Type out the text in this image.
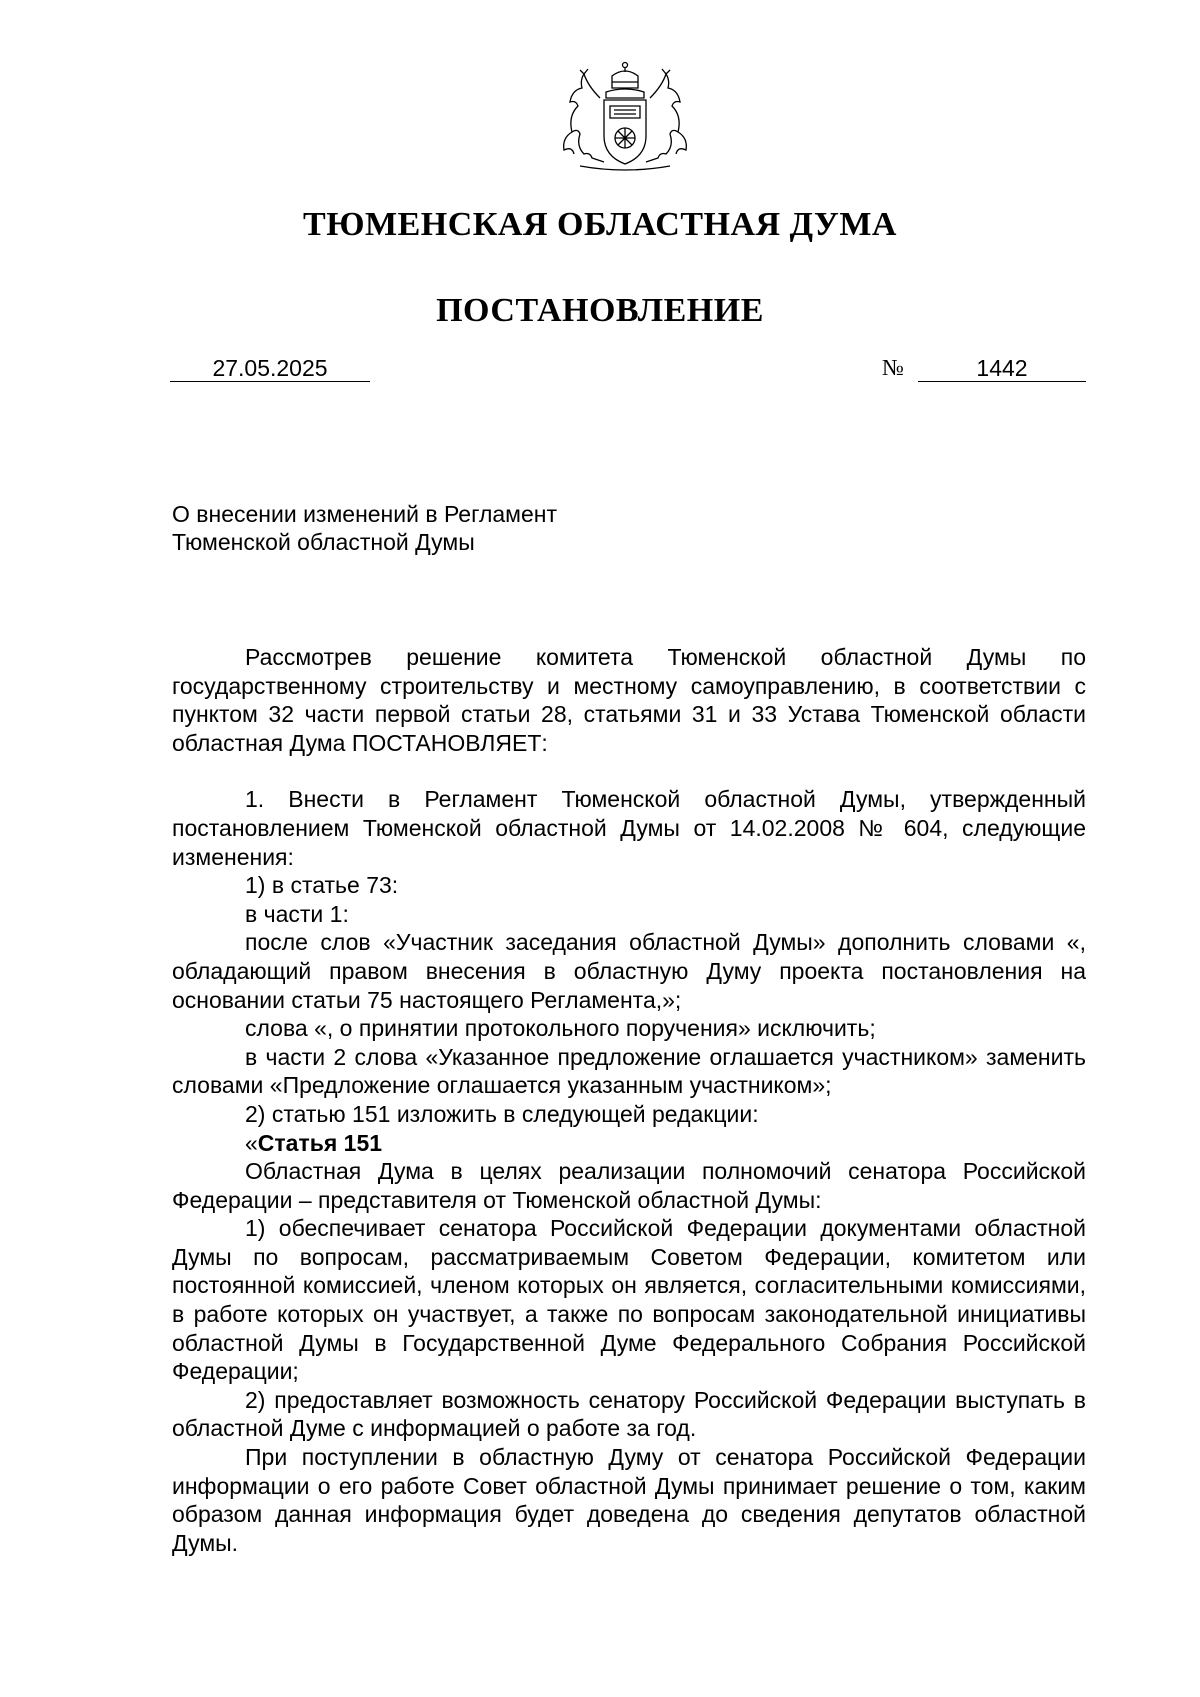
ТЮМЕНСКАЯ ОБЛАСТНАЯ ДУМА
ПОСТАНОВЛЕНИЕ
27.05.2025	№	1442
О внесении изменений в Регламент
Тюменской областной Думы

Рассмотрев решение комитета Тюменской областной Думы по государственному строительству и местному самоуправлению, в соответствии с пунктом 32 части первой статьи 28, статьями 31 и 33 Устава Тюменской области областная Дума ПОСТАНОВЛЯЕТ:

1. Внести в Регламент Тюменской областной Думы, утвержденный постановлением Тюменской областной Думы от 14.02.2008 № 604, следующие изменения:

1) в статье 73:

в части 1:

после слов «Участник заседания областной Думы» дополнить словами «, обладающий правом внесения в областную Думу проекта постановления на основании статьи 75 настоящего Регламента,»;

слова «, о принятии протокольного поручения» исключить;

в части 2 слова «Указанное предложение оглашается участником» заменить словами «Предложение оглашается указанным участником»;

2) статью 151 изложить в следующей редакции:

«Статья 151

Областная Дума в целях реализации полномочий сенатора Российской Федерации – представителя от Тюменской областной Думы:

1) обеспечивает сенатора Российской Федерации документами областной Думы по вопросам, рассматриваемым Советом Федерации, комитетом или постоянной комиссией, членом которых он является, согласительными комиссиями, в работе которых он участвует, а также по вопросам законодательной инициативы областной Думы в Государственной Думе Федерального Собрания Российской Федерации;

2) предоставляет возможность сенатору Российской Федерации выступать в областной Думе с информацией о работе за год.

При поступлении в областную Думу от сенатора Российской Федерации информации о его работе Совет областной Думы принимает решение о том, каким образом данная информация будет доведена до сведения депутатов областной Думы.
